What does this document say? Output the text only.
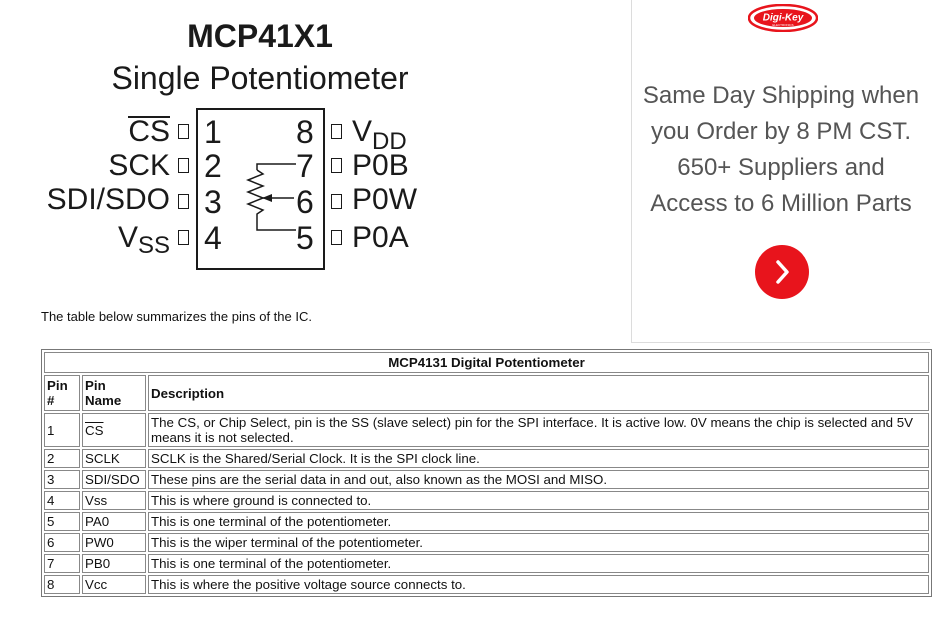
MCP41X1
Single Potentiometer
CS
SCK
SDI/SDO
$V_{SS}$
1
2
3
4
8
7
6
5
$V_{DD}$
P0B
P0W
P0A
Digi-Key
ELECTRONICS
Same Day Shipping when
you Order by 8 PM CST.
650+ Suppliers and
Access to 6 Million Parts
The table below summarizes the pins of the IC.
MCP4131 Digital Potentiometer		
Pin #	Pin Name	Description
1	$\overline{CS}$	The CS, or Chip Select, pin is the SS (slave select) pin for the SPI interface. It is active low. 0V means the chip is selected and 5V means it is not selected.
2	SCLK	SCLK is the Shared/Serial Clock. It is the SPI clock line.
3	SDI/SDO	These pins are the serial data in and out, also known as the MOSI and MISO.
4	Vss	This is where ground is connected to.
5	PA0	This is one terminal of the potentiometer.
6	PW0	This is the wiper terminal of the potentiometer.
7	PB0	This is one terminal of the potentiometer.
8	Vcc	This is where the positive voltage source connects to.
